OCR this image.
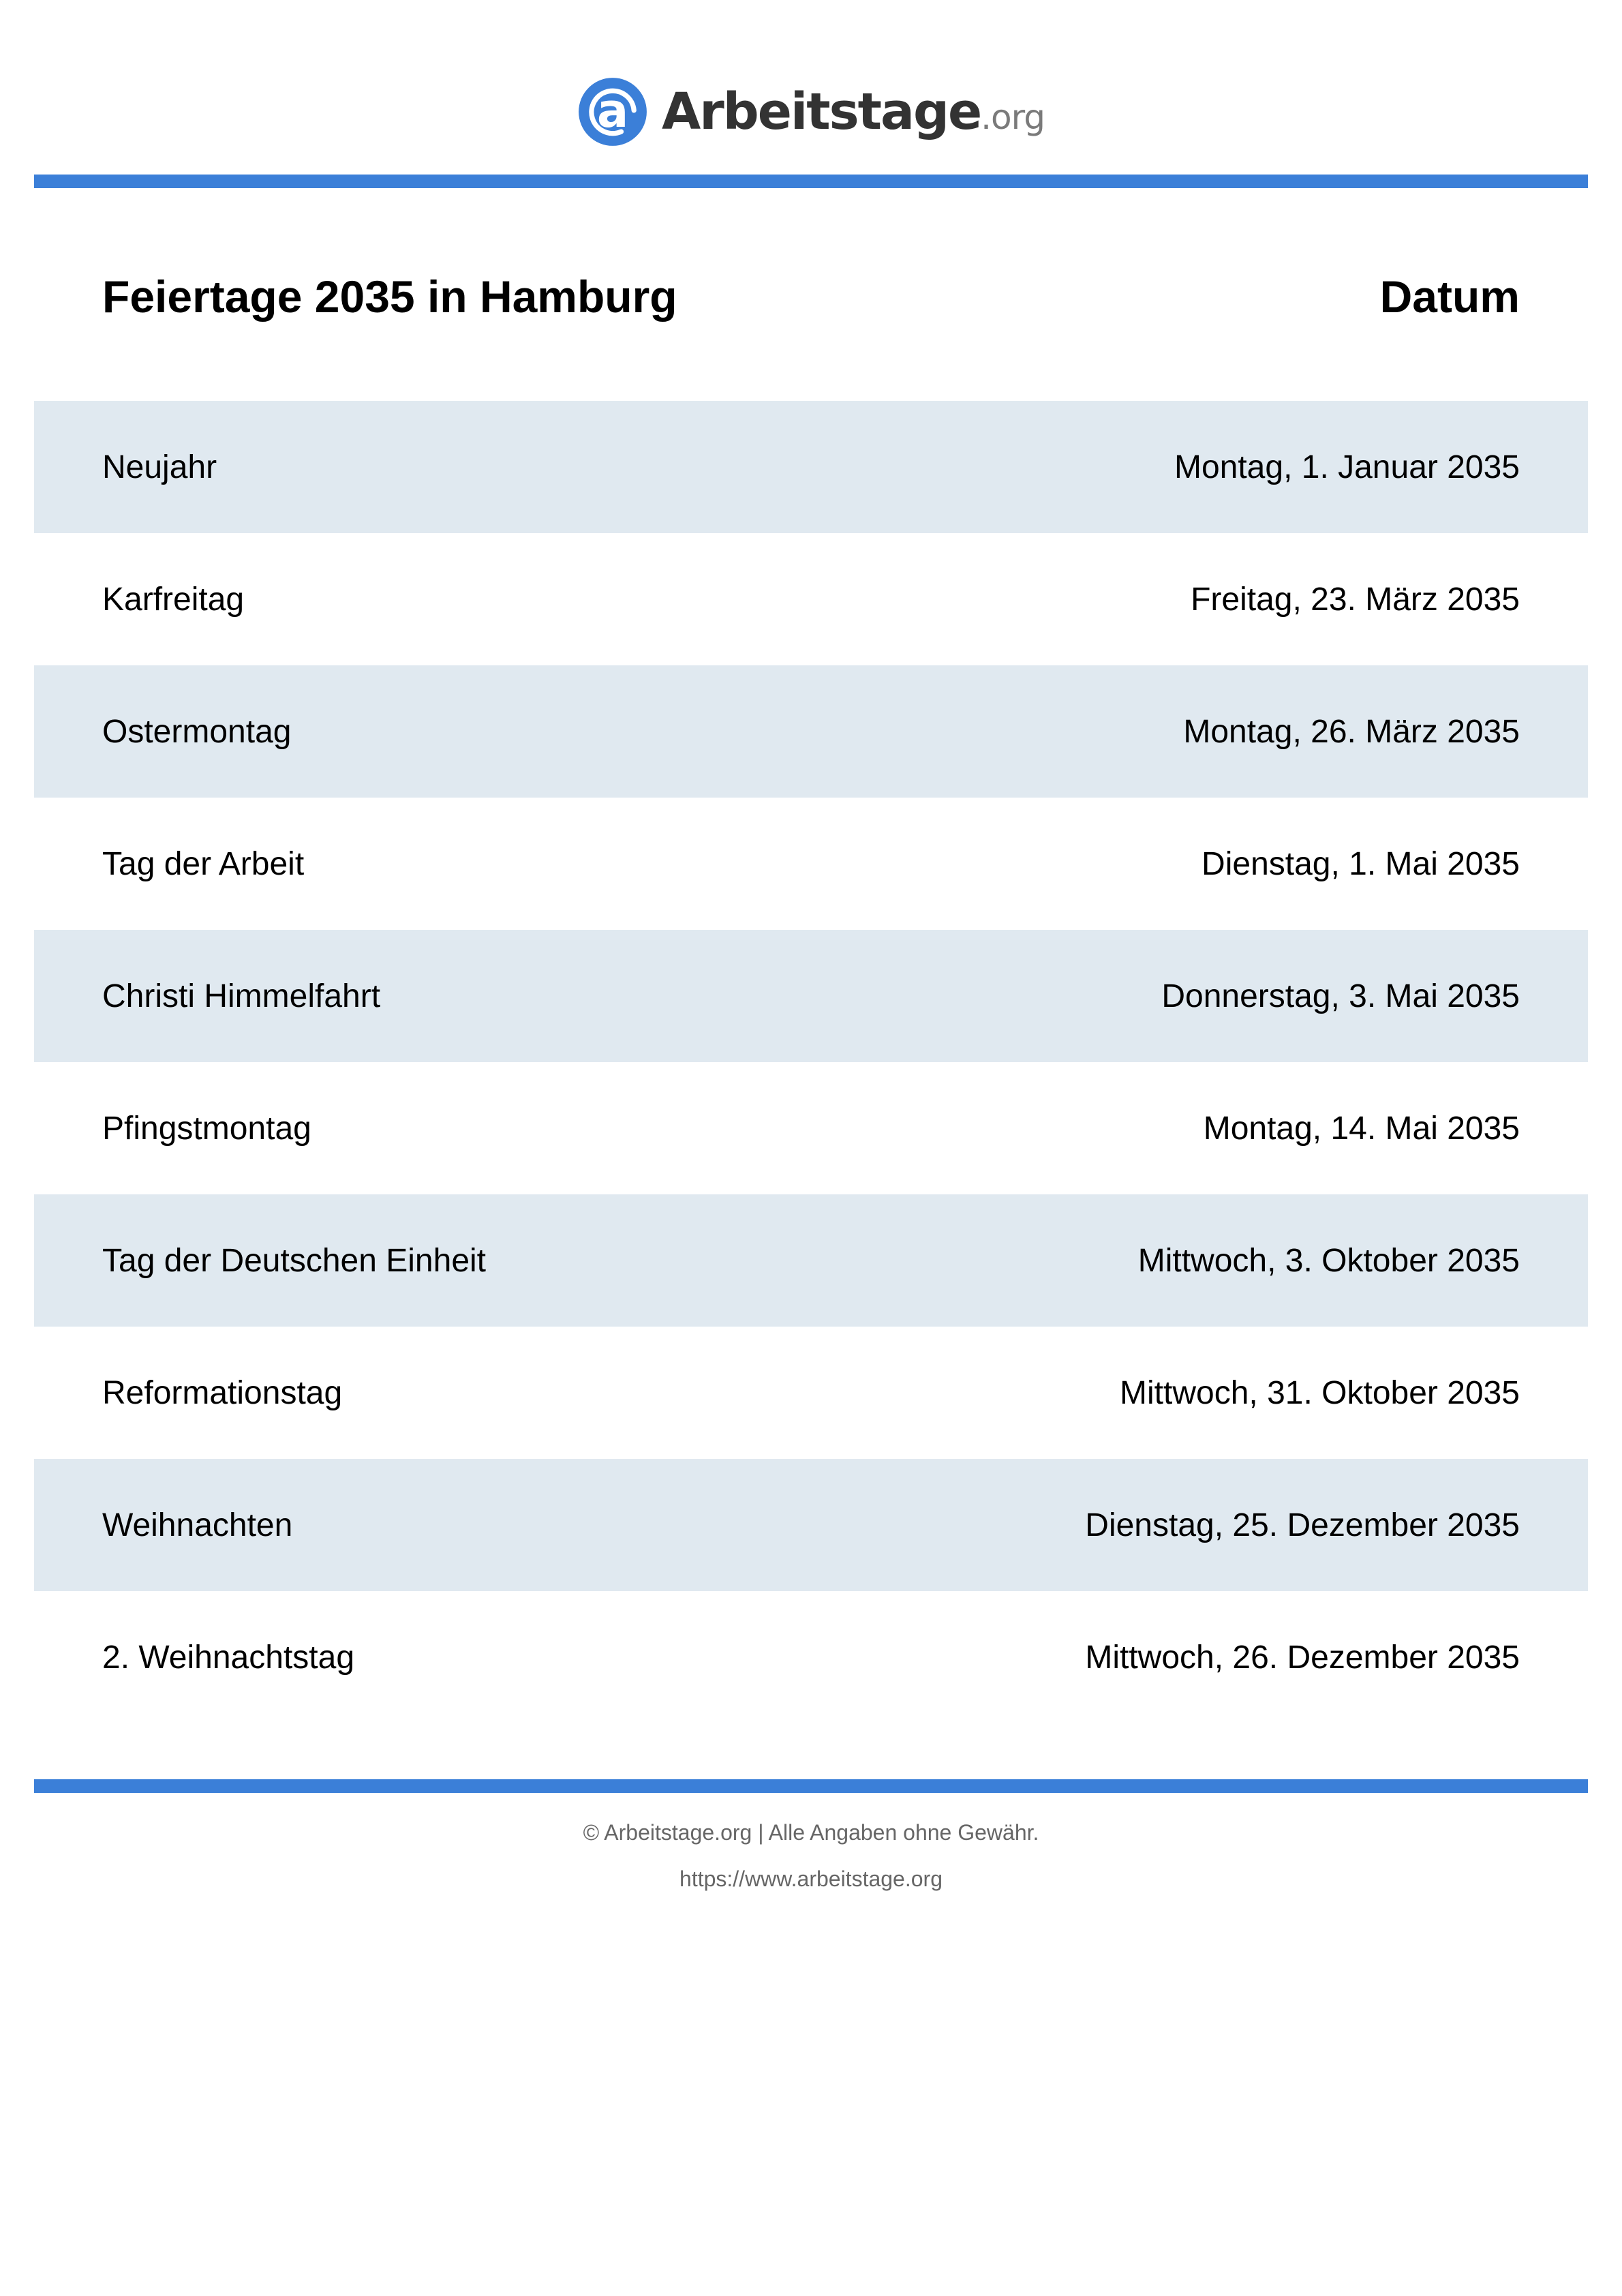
a Arbeitstage .org
Feiertage 2035 in Hamburg	Datum
Neujahr	Montag, 1. Januar 2035
Karfreitag	Freitag, 23. März 2035
Ostermontag	Montag, 26. März 2035
Tag der Arbeit	Dienstag, 1. Mai 2035
Christi Himmelfahrt	Donnerstag, 3. Mai 2035
Pfingstmontag	Montag, 14. Mai 2035
Tag der Deutschen Einheit	Mittwoch, 3. Oktober 2035
Reformationstag	Mittwoch, 31. Oktober 2035
Weihnachten	Dienstag, 25. Dezember 2035
2. Weihnachtstag	Mittwoch, 26. Dezember 2035
© Arbeitstage.org | Alle Angaben ohne Gewähr.
https://www.arbeitstage.org
